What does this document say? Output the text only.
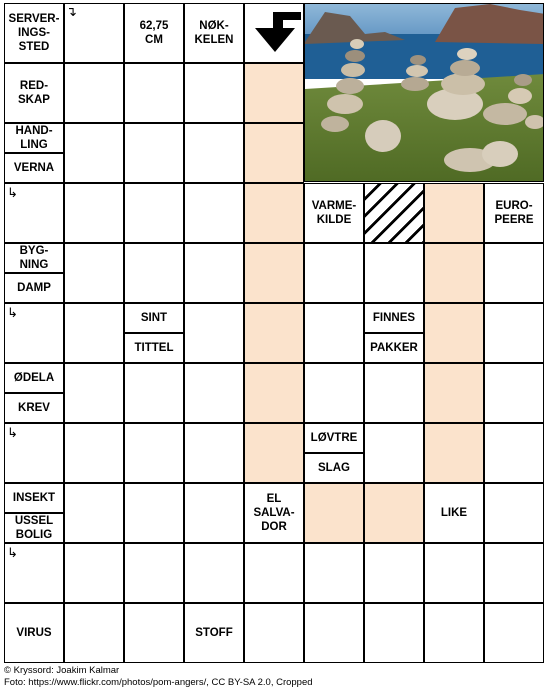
SERVER-
INGS-
STED
↴
62,75
CM
NØK-
KELEN
RED-
SKAP
HAND-
LING
VERNA
↳
VARME-
KILDE
EURO-
PEERE
BYG-
NING
DAMP
↳	SINT
TITTEL
FINNES
PAKKER
ØDELA
KREV
↳	LØVTRE
SLAG
INSEKT
USSEL
BOLIG
EL
SALVA-
DOR
LIKE
↳
VIRUS	STOFF
© Kryssord: Joakim Kalmar
Foto: https://www.flickr.com/photos/pom-angers/, CC BY-SA 2.0, Cropped
